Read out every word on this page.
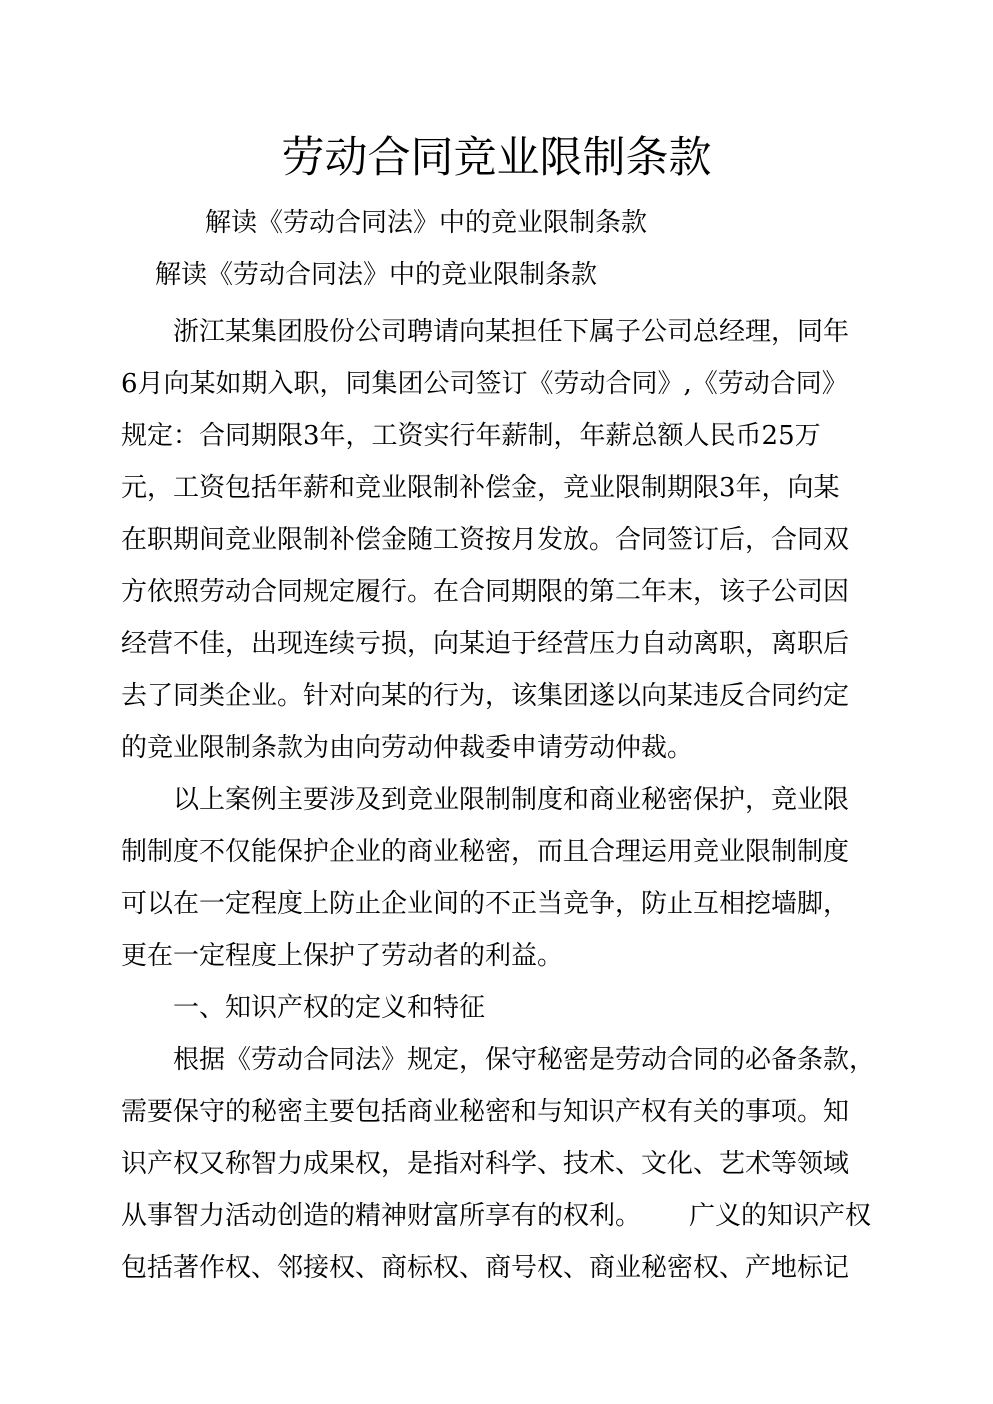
劳动合同竞业限制条款
解读《劳动合同法》中的竞业限制条款
解读《劳动合同法》中的竞业限制条款
浙江某集团股份公司聘请向某担任下属子公司总经理，同年
6月向某如期入职，同集团公司签订《劳动合同》,《劳动合同》
规定：合同期限3年，工资实行年薪制，年薪总额人民币25万
元，工资包括年薪和竞业限制补偿金，竞业限制期限3年，向某
在职期间竞业限制补偿金随工资按月发放。合同签订后，合同双
方依照劳动合同规定履行。在合同期限的第二年末，该子公司因
经营不佳，出现连续亏损，向某迫于经营压力自动离职，离职后
去了同类企业。针对向某的行为，该集团遂以向某违反合同约定
的竞业限制条款为由向劳动仲裁委申请劳动仲裁。
以上案例主要涉及到竞业限制制度和商业秘密保护，竞业限
制制度不仅能保护企业的商业秘密，而且合理运用竞业限制制度
可以在一定程度上防止企业间的不正当竞争，防止互相挖墙脚，
更在一定程度上保护了劳动者的利益。
一、知识产权的定义和特征
根据《劳动合同法》规定，保守秘密是劳动合同的必备条款，
需要保守的秘密主要包括商业秘密和与知识产权有关的事项。知
识产权又称智力成果权，是指对科学、技术、文化、艺术等领域
从事智力活动创造的精神财富所享有的权利。 广义的知识产权
包括著作权、邻接权、商标权、商号权、商业秘密权、产地标记
